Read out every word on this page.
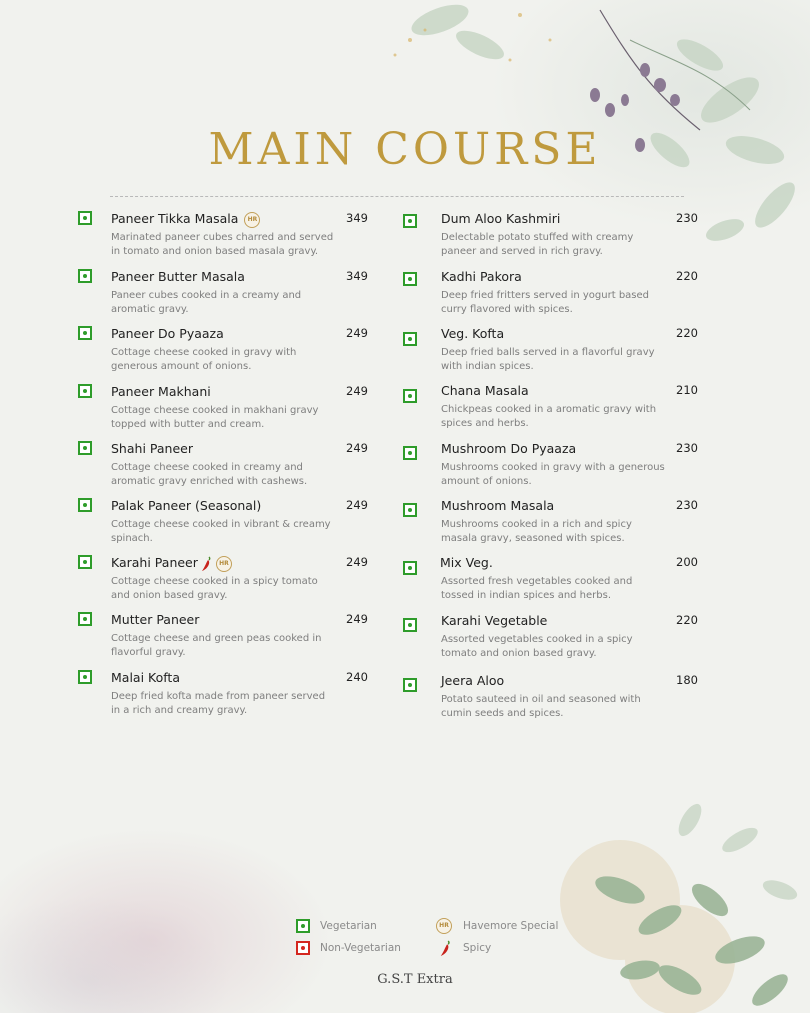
MAIN COURSE
Paneer Tikka Masala HR	349
Marinated paneer cubes charred and served in tomato and onion based masala gravy.
Paneer Butter Masala	349
Paneer cubes cooked in a creamy and aromatic gravy.
Paneer Do Pyaaza	249
Cottage cheese cooked in gravy with generous amount of onions.
Paneer Makhani	249
Cottage cheese cooked in makhani gravy topped with butter and cream.
Shahi Paneer	249
Cottage cheese cooked in creamy and aromatic gravy enriched with cashews.
Palak Paneer (Seasonal)	249
Cottage cheese cooked in vibrant & creamy spinach.
Karahi Paneer	HR	249
Cottage cheese cooked in a spicy tomato and onion based gravy.
Mutter Paneer	249
Cottage cheese and green peas cooked in flavorful gravy.
Malai Kofta	240
Deep fried kofta made from paneer served in a rich and creamy gravy.
Dum Aloo Kashmiri	230
Delectable potato stuffed with creamy paneer and served in rich gravy.
Kadhi Pakora	220
Deep fried fritters served in yogurt based curry flavored with spices.
Veg. Kofta	220
Deep fried balls served in a flavorful gravy with indian spices.
Chana Masala	210
Chickpeas cooked in a aromatic gravy with spices and herbs.
Mushroom Do Pyaaza	230
Mushrooms cooked in gravy with a generous amount of onions.
Mushroom Masala	230
Mushrooms cooked in a rich and spicy masala gravy, seasoned with spices.
Mix Veg.	200
Assorted fresh vegetables cooked and tossed in indian spices and herbs.
Karahi Vegetable	220
Assorted vegetables cooked in a spicy tomato and onion based gravy.
Jeera Aloo	180
Potato sauteed in oil and seasoned with cumin seeds and spices.
Vegetarian
Non-Vegetarian
HR	Havemore Special
Spicy
G.S.T Extra
